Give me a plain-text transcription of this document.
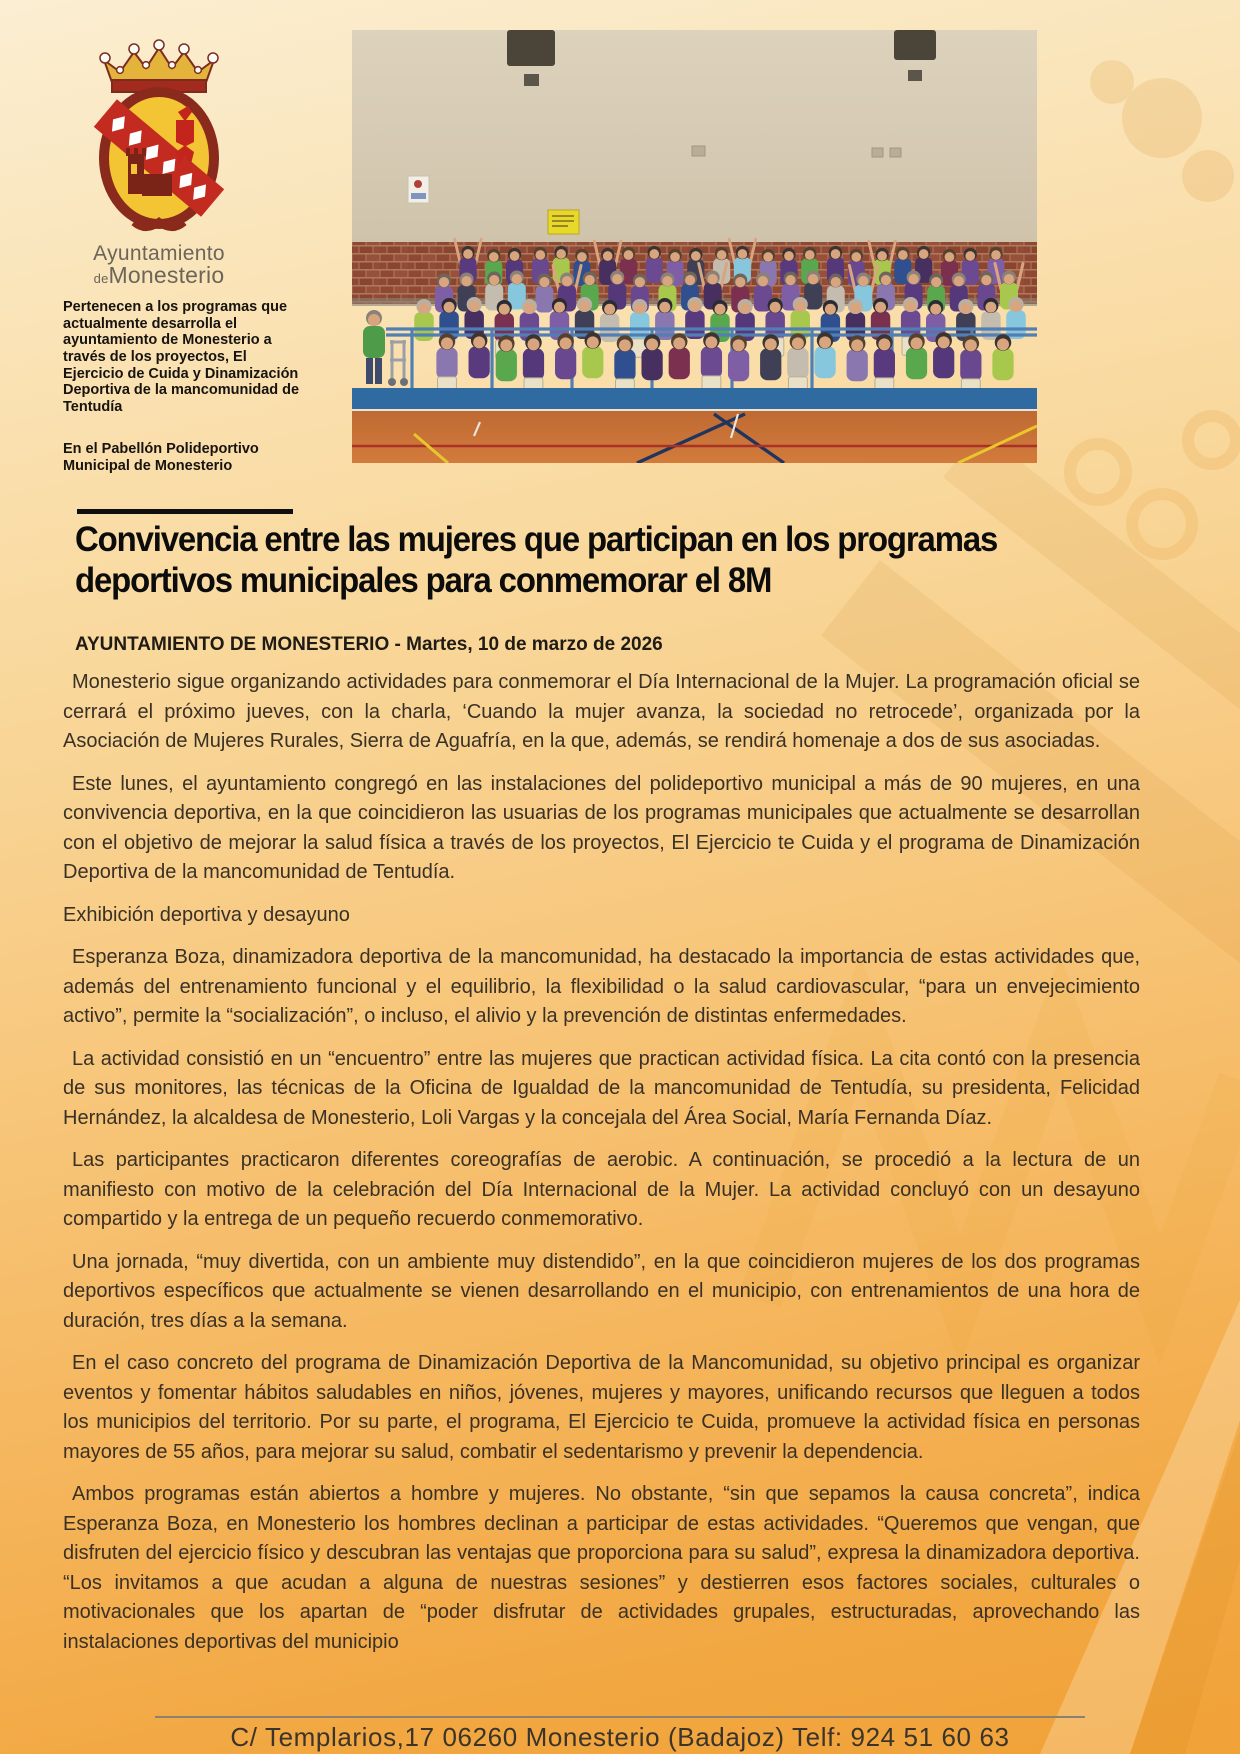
Ayuntamiento
deMonesterio
Pertenecen a los programas que actualmente desarrolla el ayuntamiento de Monesterio a través de los proyectos, El Ejercicio de Cuida y Dinamización Deportiva de la mancomunidad de Tentudía
En el Pabellón Polideportivo Municipal de Monesterio
Convivencia entre las mujeres que participan en los programas deportivos municipales para conmemorar el 8M
AYUNTAMIENTO DE MONESTERIO - Martes, 10 de marzo de 2026

Monesterio sigue organizando actividades para conmemorar el Día Internacional de la Mujer. La programación oficial se cerrará el próximo jueves, con la charla, ‘Cuando la mujer avanza, la sociedad no retrocede’, organizada por la Asociación de Mujeres Rurales, Sierra de Aguafría, en la que, además, se rendirá homenaje a dos de sus asociadas.

Este lunes, el ayuntamiento congregó en las instalaciones del polideportivo municipal a más de 90 mujeres, en una convivencia deportiva, en la que coincidieron las usuarias de los programas municipales que actualmente se desarrollan con el objetivo de mejorar la salud física a través de los proyectos, El Ejercicio te Cuida y el programa de Dinamización Deportiva de la mancomunidad de Tentudía.

Exhibición deportiva y desayuno

Esperanza Boza, dinamizadora deportiva de la mancomunidad, ha destacado la importancia de estas actividades que, además del entrenamiento funcional y el equilibrio, la flexibilidad o la salud cardiovascular, “para un envejecimiento activo”, permite la “socialización”, o incluso, el alivio y la prevención de distintas enfermedades.

La actividad consistió en un “encuentro” entre las mujeres que practican actividad física. La cita contó con la presencia de sus monitores, las técnicas de la Oficina de Igualdad de la mancomunidad de Tentudía, su presidenta, Felicidad Hernández, la alcaldesa de Monesterio, Loli Vargas y la concejala del Área Social, María Fernanda Díaz.

Las participantes practicaron diferentes coreografías de aerobic. A continuación, se procedió a la lectura de un manifiesto con motivo de la celebración del Día Internacional de la Mujer. La actividad concluyó con un desayuno compartido y la entrega de un pequeño recuerdo conmemorativo.

Una jornada, “muy divertida, con un ambiente muy distendido”, en la que coincidieron mujeres de los dos programas deportivos específicos que actualmente se vienen desarrollando en el municipio, con entrenamientos de una hora de duración, tres días a la semana.

En el caso concreto del programa de Dinamización Deportiva de la Mancomunidad, su objetivo principal es organizar eventos y fomentar hábitos saludables en niños, jóvenes, mujeres y mayores, unificando recursos que lleguen a todos los municipios del territorio. Por su parte, el programa, El Ejercicio te Cuida, promueve la actividad física en personas mayores de 55 años, para mejorar su salud, combatir el sedentarismo y prevenir la dependencia.

Ambos programas están abiertos a hombre y mujeres. No obstante, “sin que sepamos la causa concreta”, indica Esperanza Boza, en Monesterio los hombres declinan a participar de estas actividades. “Queremos que vengan, que disfruten del ejercicio físico y descubran las ventajas que proporciona para su salud”, expresa la dinamizadora deportiva. “Los invitamos a que acudan a alguna de nuestras sesiones” y destierren esos factores sociales, culturales o motivacionales que los apartan de “poder disfrutar de actividades grupales, estructuradas, aprovechando las instalaciones deportivas del municipio

C/ Templarios,17 06260 Monesterio (Badajoz) Telf: 924 51 60 63
